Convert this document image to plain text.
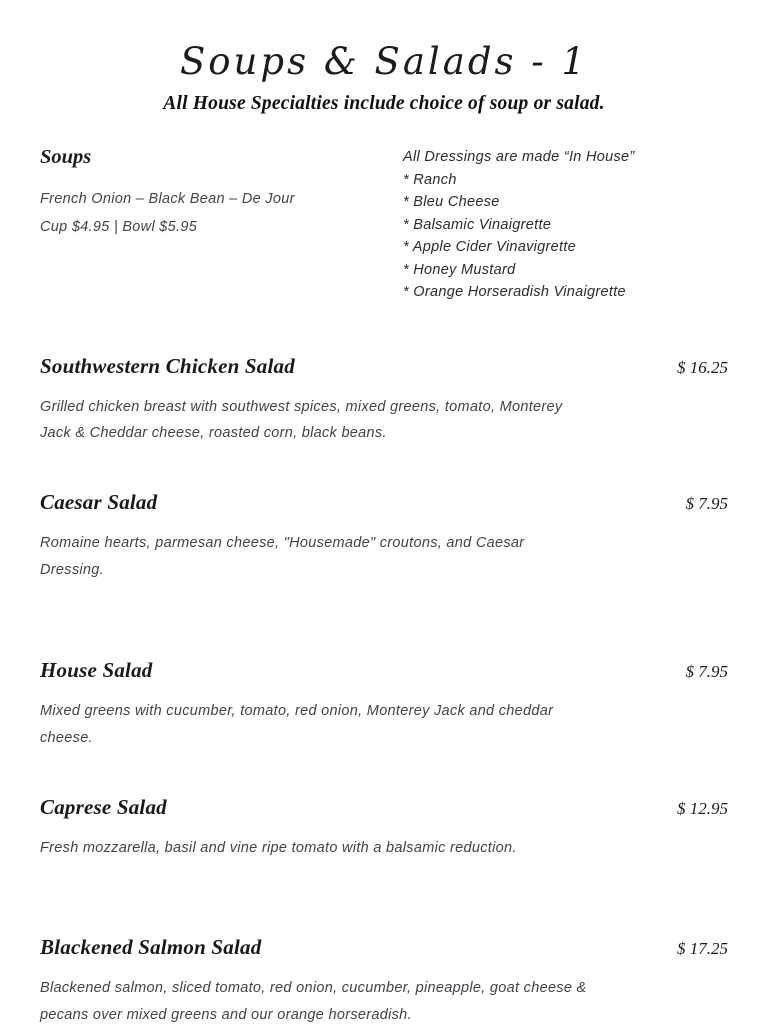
Soups & Salads - 1
All House Specialties include choice of soup or salad.
Soups
French Onion – Black Bean – De Jour
Cup $4.95 | Bowl $5.95
All Dressings are made “In House”
* Ranch
* Bleu Cheese
* Balsamic Vinaigrette
* Apple Cider Vinavigrette
* Honey Mustard
* Orange Horseradish Vinaigrette
Southwestern Chicken Salad	$ 16.25
Grilled chicken breast with southwest spices, mixed greens, tomato, Monterey Jack & Cheddar cheese, roasted corn, black beans.
Caesar Salad	$ 7.95
Romaine hearts, parmesan cheese, "Housemade" croutons, and Caesar Dressing.
House Salad	$ 7.95
Mixed greens with cucumber, tomato, red onion, Monterey Jack and cheddar cheese.
Caprese Salad	$ 12.95
Fresh mozzarella, basil and vine ripe tomato with a balsamic reduction.
Blackened Salmon Salad	$ 17.25
Blackened salmon, sliced tomato, red onion, cucumber, pineapple, goat cheese & pecans over mixed greens and our orange horseradish.
